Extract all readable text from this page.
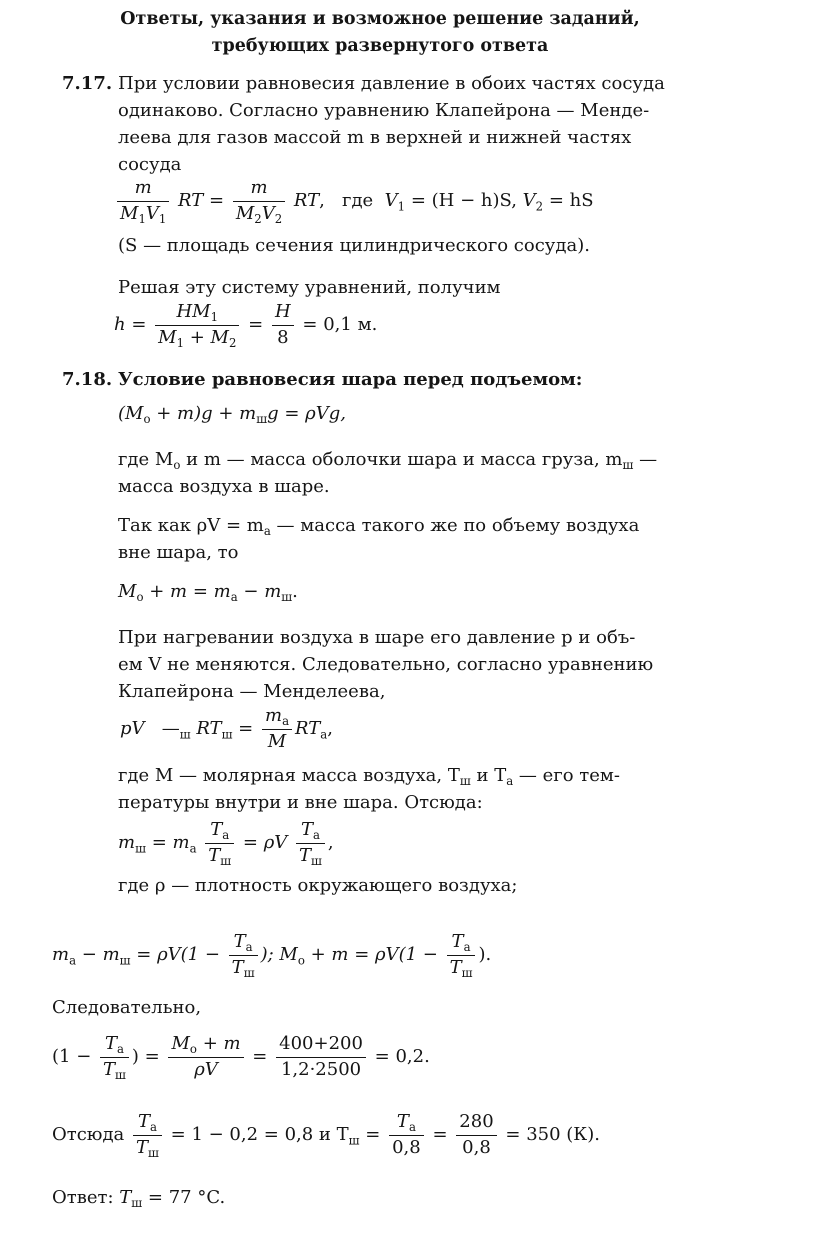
Ответы, указания и возможное решение заданий,
требующих развернутого ответа
7.17. При условии равновесия давление в обоих частях сосуда
одинаково. Согласно уравнению Клапейрона — Менде-
леева для газов массой m в верхней и нижней частях
сосуда
$\frac{m}{M_1V_1}$ RT = $\frac{m}{M_2V_2}$ RT,   где $V_1 = (H - h)S$, $V_2$ = hS
(S — площадь сечения цилиндрического сосуда).
Решая эту систему уравнений, получим
$h = \frac{HM_1}{M_1 + M_2} = \frac{H}{8} = 0,1$ м.
7.18. Условие равновесия шара перед подъемом:
$(M_о + m)g + m_шg = \rho Vg$,
где $M_о$ и m — масса оболочки шара и масса груза, $m_ш$ —
масса воздуха в шаре.
Так как $\rho V = m_а$ — масса такого же по объему воздуха
вне шара, то
$M_о + m = m_а - m_ш$.
При нагревании воздуха в шаре его давление p и объ-
ем V не меняются. Следовательно, согласно уравнению
Клапейрона — Менделеева,
pV $—_ш$ $RT_ш = \frac{m_а}{M} RT_а$,
где M — молярная масса воздуха, $T_ш$ и $T_а$ — его тем-
пературы внутри и вне шара. Отсюда:
$m_ш = m_а \frac{T_а}{T_ш} = \rho V \frac{T_а}{T_ш}$ ,
где ρ — плотность окружающего воздуха;
$m_а - m_ш = \rho V(1 - \frac{T_а}{T_ш}$ ); $M_о + m = \rho V(1 - \frac{T_а}{T_ш}$ ).
Следовательно,
($1 - \frac{T_а}{T_ш}$ ) = $\frac{M_о + m}{\rho V} = \frac{400+200}{1,2\cdot 2500} = 0,2$.
Отсюда $\frac{T_а}{T_ш} = 1 - 0,2 = 0,8$ и $T_ш = \frac{T_а}{0,8} = \frac{280}{0,8} = 350$ (К).
Ответ: $T_ш = 77$ °C.
